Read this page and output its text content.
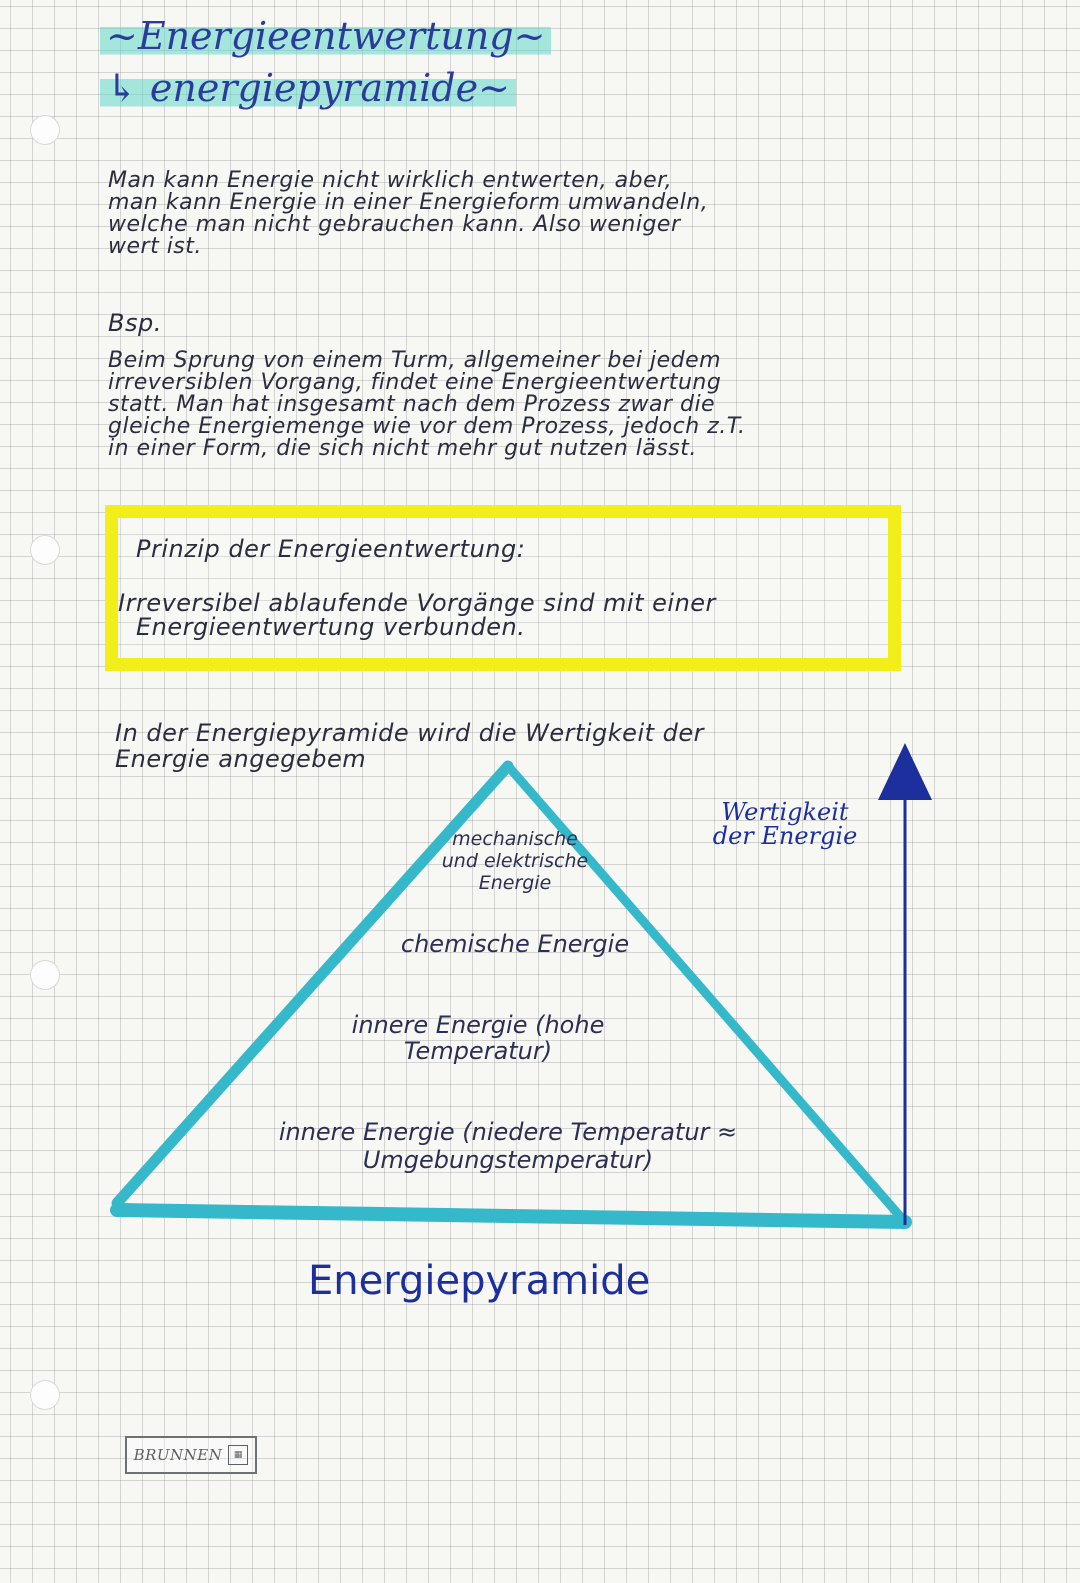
~Energieentwertung~
↳ energiepyramide~

Man kann Energie nicht wirklich entwerten, aber,

man kann Energie in einer Energieform umwandeln,

welche man nicht gebrauchen kann. Also weniger

wert ist.

Bsp.

Beim Sprung von einem Turm, allgemeiner bei jedem

irreversiblen Vorgang, findet eine Energieentwertung

statt. Man hat insgesamt nach dem Prozess zwar die

gleiche Energiemenge wie vor dem Prozess, jedoch z.T.

in einer Form, die sich nicht mehr gut nutzen lässt.

Prinzip der Energieentwertung:
Irreversibel ablaufende Vorgänge sind mit einer
Energieentwertung verbunden.
In der Energiepyramide wird die Wertigkeit der
Energie angegebem
mechanische
und elektrische
Energie
chemische Energie
innere Energie (hohe
Temperatur)
innere Energie (niedere Temperatur ≈
Umgebungstemperatur)
Wertigkeit
der Energie
Energiepyramide
BRUNNEN	▦
